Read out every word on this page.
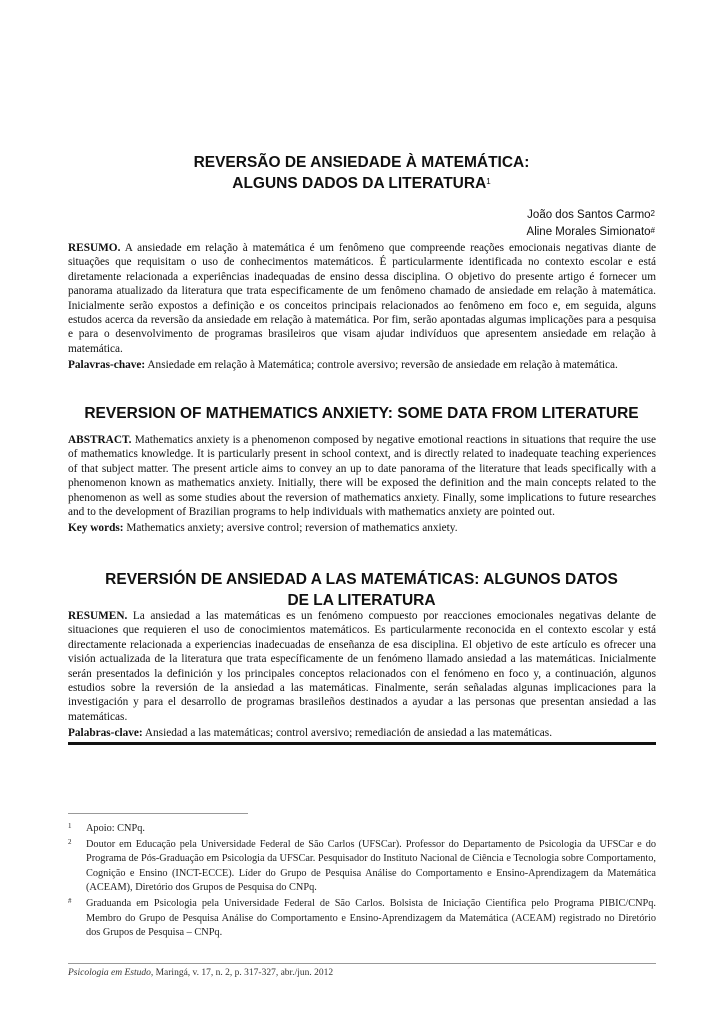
REVERSÃO DE ANSIEDADE À MATEMÁTICA:
ALGUNS DADOS DA LITERATURA$^1$
João dos Santos Carmo$^2$
Aline Morales Simionato#
RESUMO. A ansiedade em relação à matemática é um fenômeno que compreende reações emocionais negativas diante de situações que requisitam o uso de conhecimentos matemáticos. É particularmente identificada no contexto escolar e está diretamente relacionada a experiências inadequadas de ensino dessa disciplina. O objetivo do presente artigo é fornecer um panorama atualizado da literatura que trata especificamente de um fenômeno chamado de ansiedade em relação à matemática. Inicialmente serão expostos a definição e os conceitos principais relacionados ao fenômeno em foco e, em seguida, alguns estudos acerca da reversão da ansiedade em relação à matemática. Por fim, serão apontadas algumas implicações para a pesquisa e para o desenvolvimento de programas brasileiros que visam ajudar indivíduos que apresentem ansiedade em relação à matemática.
Palavras-chave: Ansiedade em relação à Matemática; controle aversivo; reversão de ansiedade em relação à matemática.
REVERSION OF MATHEMATICS ANXIETY: SOME DATA FROM LITERATURE
ABSTRACT. Mathematics anxiety is a phenomenon composed by negative emotional reactions in situations that require the use of mathematics knowledge. It is particularly present in school context, and is directly related to inadequate teaching experiences of that subject matter. The present article aims to convey an up to date panorama of the literature that leads specifically with a phenomenon known as mathematics anxiety. Initially, there will be exposed the definition and the main concepts related to the phenomenon as well as some studies about the reversion of mathematics anxiety. Finally, some implications to future researches and to the development of Brazilian programs to help individuals with mathematics anxiety are pointed out.
Key words: Mathematics anxiety; aversive control; reversion of mathematics anxiety.
REVERSIÓN DE ANSIEDAD A LAS MATEMÁTICAS: ALGUNOS DATOS
DE LA LITERATURA
RESUMEN. La ansiedad a las matemáticas es un fenómeno compuesto por reacciones emocionales negativas delante de situaciones que requieren el uso de conocimientos matemáticos. Es particularmente reconocida en el contexto escolar y está directamente relacionada a experiencias inadecuadas de enseñanza de esa disciplina. El objetivo de este artículo es ofrecer una visión actualizada de la literatura que trata específicamente de un fenómeno llamado ansiedad a las matemáticas. Inicialmente serán presentados la definición y los principales conceptos relacionados con el fenómeno en foco y, a continuación, algunos estudios sobre la reversión de la ansiedad a las matemáticas. Finalmente, serán señaladas algunas implicaciones para la investigación y para el desarrollo de programas brasileños destinados a ayudar a las personas que presentan ansiedad a las matemáticas.
Palabras-clave: Ansiedad a las matemáticas; control aversivo; remediación de ansiedad a las matemáticas.
1 Apoio: CNPq.
2 Doutor em Educação pela Universidade Federal de São Carlos (UFSCar). Professor do Departamento de Psicologia da UFSCar e do Programa de Pós-Graduação em Psicologia da UFSCar. Pesquisador do Instituto Nacional de Ciência e Tecnologia sobre Comportamento, Cognição e Ensino (INCT-ECCE). Líder do Grupo de Pesquisa Análise do Comportamento e Ensino-Aprendizagem da Matemática (ACEAM), Diretório dos Grupos de Pesquisa do CNPq.
# Graduanda em Psicologia pela Universidade Federal de São Carlos. Bolsista de Iniciação Científica pelo Programa PIBIC/CNPq. Membro do Grupo de Pesquisa Análise do Comportamento e Ensino-Aprendizagem da Matemática (ACEAM) registrado no Diretório dos Grupos de Pesquisa – CNPq.
Psicologia em Estudo, Maringá, v. 17, n. 2, p. 317-327, abr./jun. 2012
